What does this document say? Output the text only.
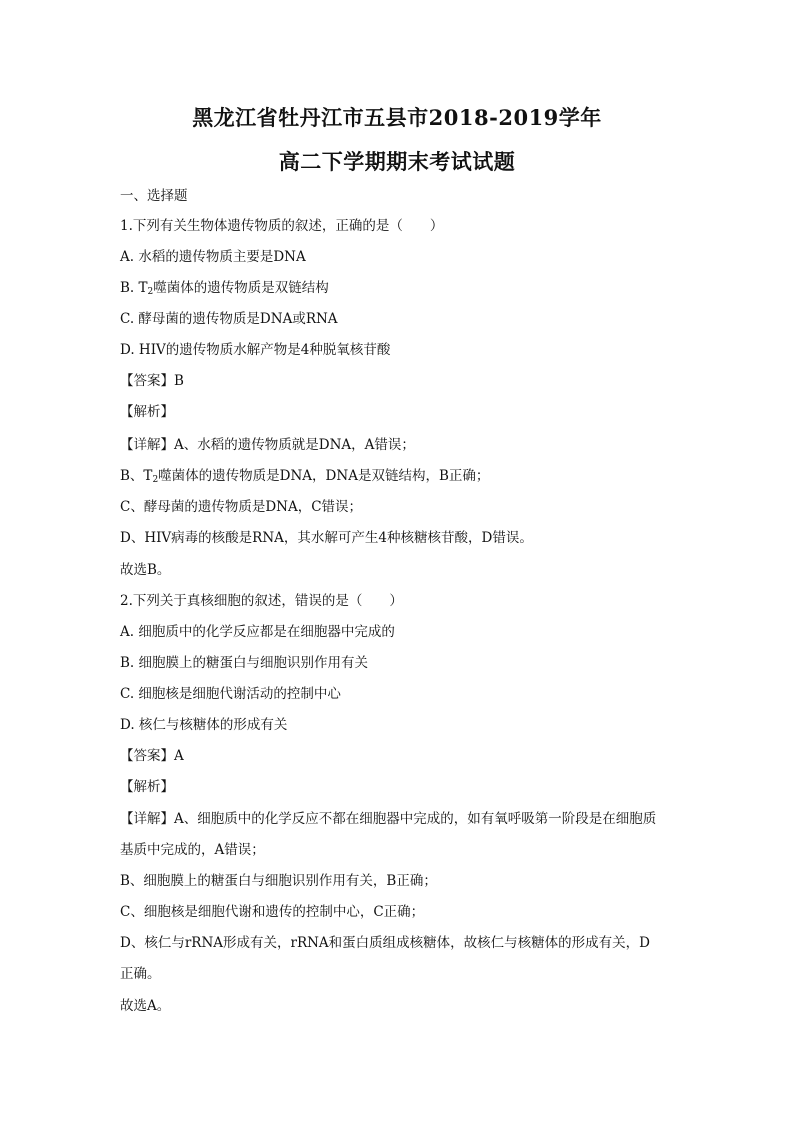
黑龙江省牡丹江市五县市2018-2019学年
高二下学期期末考试试题
一、选择题
1.下列有关生物体遗传物质的叙述，正确的是（　　）
A. 水稻的遗传物质主要是DNA
B. $T_2$噬菌体的遗传物质是双链结构
C. 酵母菌的遗传物质是DNA或RNA
D. HIV的遗传物质水解产物是4种脱氧核苷酸
【答案】B
【解析】
【详解】A、水稻的遗传物质就是DNA，A错误；
B、$T_2$噬菌体的遗传物质是DNA，DNA是双链结构，B正确；
C、酵母菌的遗传物质是DNA，C错误；
D、HIV病毒的核酸是RNA，其水解可产生4种核糖核苷酸，D错误。
故选B。
2.下列关于真核细胞的叙述，错误的是（　　）
A. 细胞质中的化学反应都是在细胞器中完成的
B. 细胞膜上的糖蛋白与细胞识别作用有关
C. 细胞核是细胞代谢活动的控制中心
D. 核仁与核糖体的形成有关
【答案】A
【解析】
【详解】A、细胞质中的化学反应不都在细胞器中完成的，如有氧呼吸第一阶段是在细胞质
基质中完成的，A错误；
B、细胞膜上的糖蛋白与细胞识别作用有关，B正确；
C、细胞核是细胞代谢和遗传的控制中心，C正确；
D、核仁与rRNA形成有关，rRNA和蛋白质组成核糖体，故核仁与核糖体的形成有关，D
正确。
故选A。
